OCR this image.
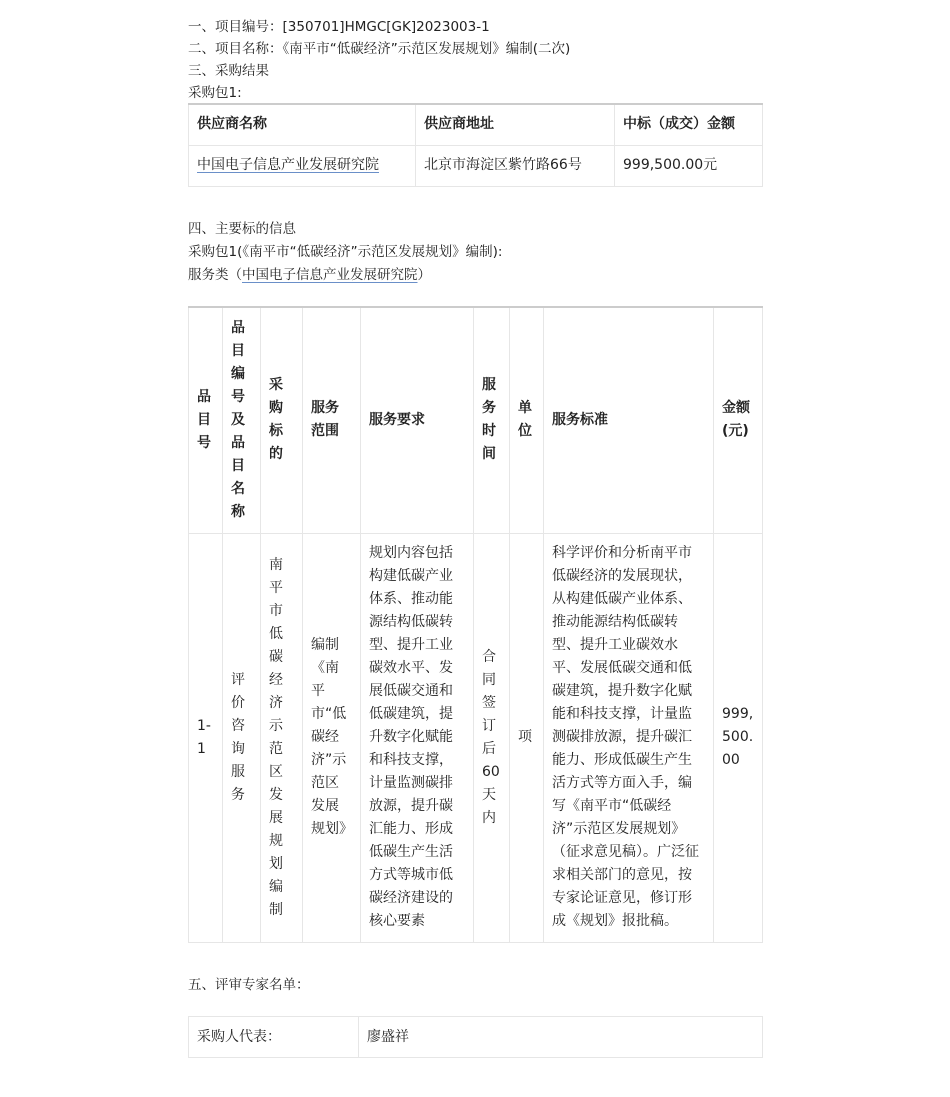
一、项目编号：[350701]HMGC[GK]2023003-1
二、项目名称：《南平市“低碳经济”示范区发展规划》编制(二次)
三、采购结果
采购包1:
供应商名称	供应商地址	中标（成交）金额
中国电子信息产业发展研究院	北京市海淀区紫竹路66号	999,500.00元
四、主要标的信息
采购包1(《南平市“低碳经济”示范区发展规划》编制):
服务类（中国电子信息产业发展研究院）
品目号	品目编号及品目名称	采购标的	服务范围	服务要求	服务时间	单位	服务标准	金额(元)
1-1	评价咨询服务	南平市低碳经济示范区发展规划编制	编制《南平市“低碳经济”示范区发展规划》	规划内容包括构建低碳产业体系、推动能源结构低碳转型、提升工业碳效水平、发展低碳交通和低碳建筑，提升数字化赋能和科技支撑，计量监测碳排放源，提升碳汇能力、形成低碳生产生活方式等城市低碳经济建设的核心要素	合同签订后60天内	项	科学评价和分析南平市低碳经济的发展现状，从构建低碳产业体系、推动能源结构低碳转型、提升工业碳效水平、发展低碳交通和低碳建筑，提升数字化赋能和科技支撑，计量监测碳排放源，提升碳汇能力、形成低碳生产生活方式等方面入手，编写《南平市“低碳经济”示范区发展规划》（征求意见稿）。广泛征求相关部门的意见，按专家论证意见，修订形成《规划》报批稿。	999,500.00
五、评审专家名单：
采购人代表：	廖盛祥
